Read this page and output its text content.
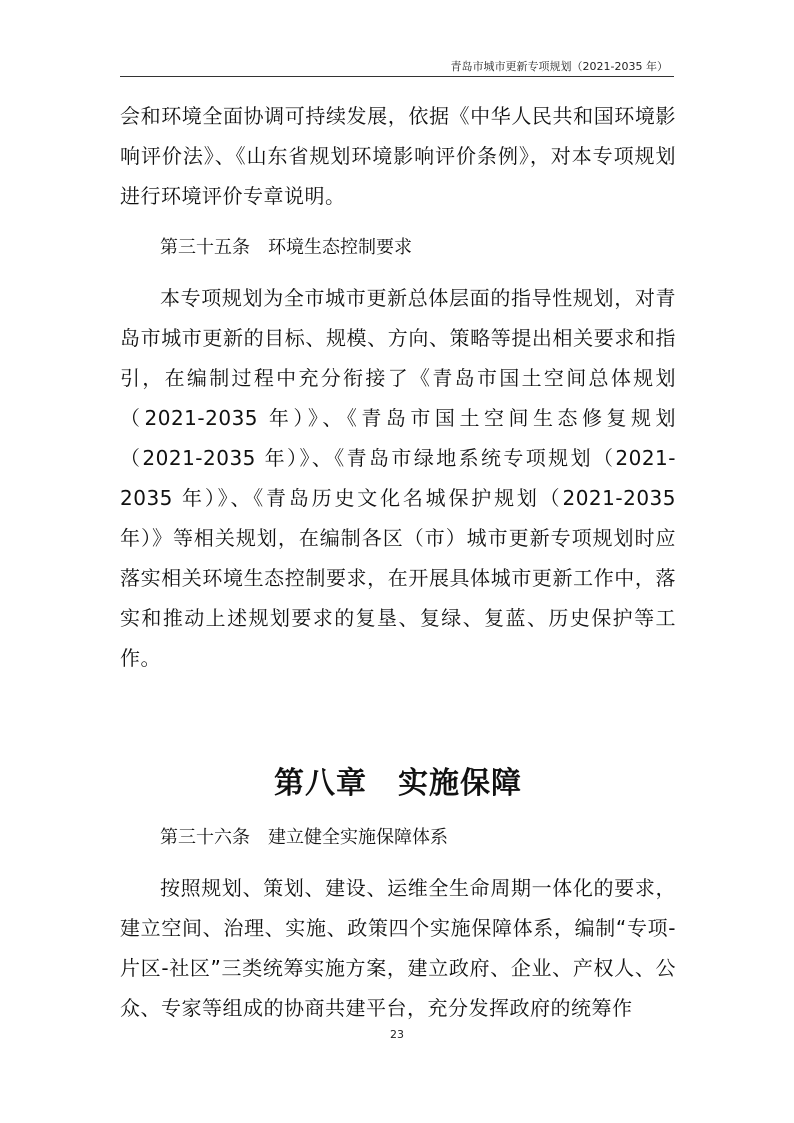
青岛市城市更新专项规划（2021-2035 年）

会和环境全面协调可持续发展，依据《中华人民共和国环境影响评价法》、《山东省规划环境影响评价条例》，对本专项规划进行环境评价专章说明。

第三十五条　环境生态控制要求

本专项规划为全市城市更新总体层面的指导性规划，对青岛市城市更新的目标、规模、方向、策略等提出相关要求和指引，在编制过程中充分衔接了《青岛市国土空间总体规划（2021-2035 年）》、《青岛市国土空间生态修复规划（2021-2035 年）》、《青岛市绿地系统专项规划（2021-2035 年）》、《青岛历史文化名城保护规划（2021-2035 年）》等相关规划，在编制各区（市）城市更新专项规划时应落实相关环境生态控制要求，在开展具体城市更新工作中，落实和推动上述规划要求的复垦、复绿、复蓝、历史保护等工作。

第八章　实施保障

第三十六条　建立健全实施保障体系

按照规划、策划、建设、运维全生命周期一体化的要求，建立空间、治理、实施、政策四个实施保障体系，编制“专项-片区-社区”三类统筹实施方案，建立政府、企业、产权人、公众、专家等组成的协商共建平台，充分发挥政府的统筹作

23
